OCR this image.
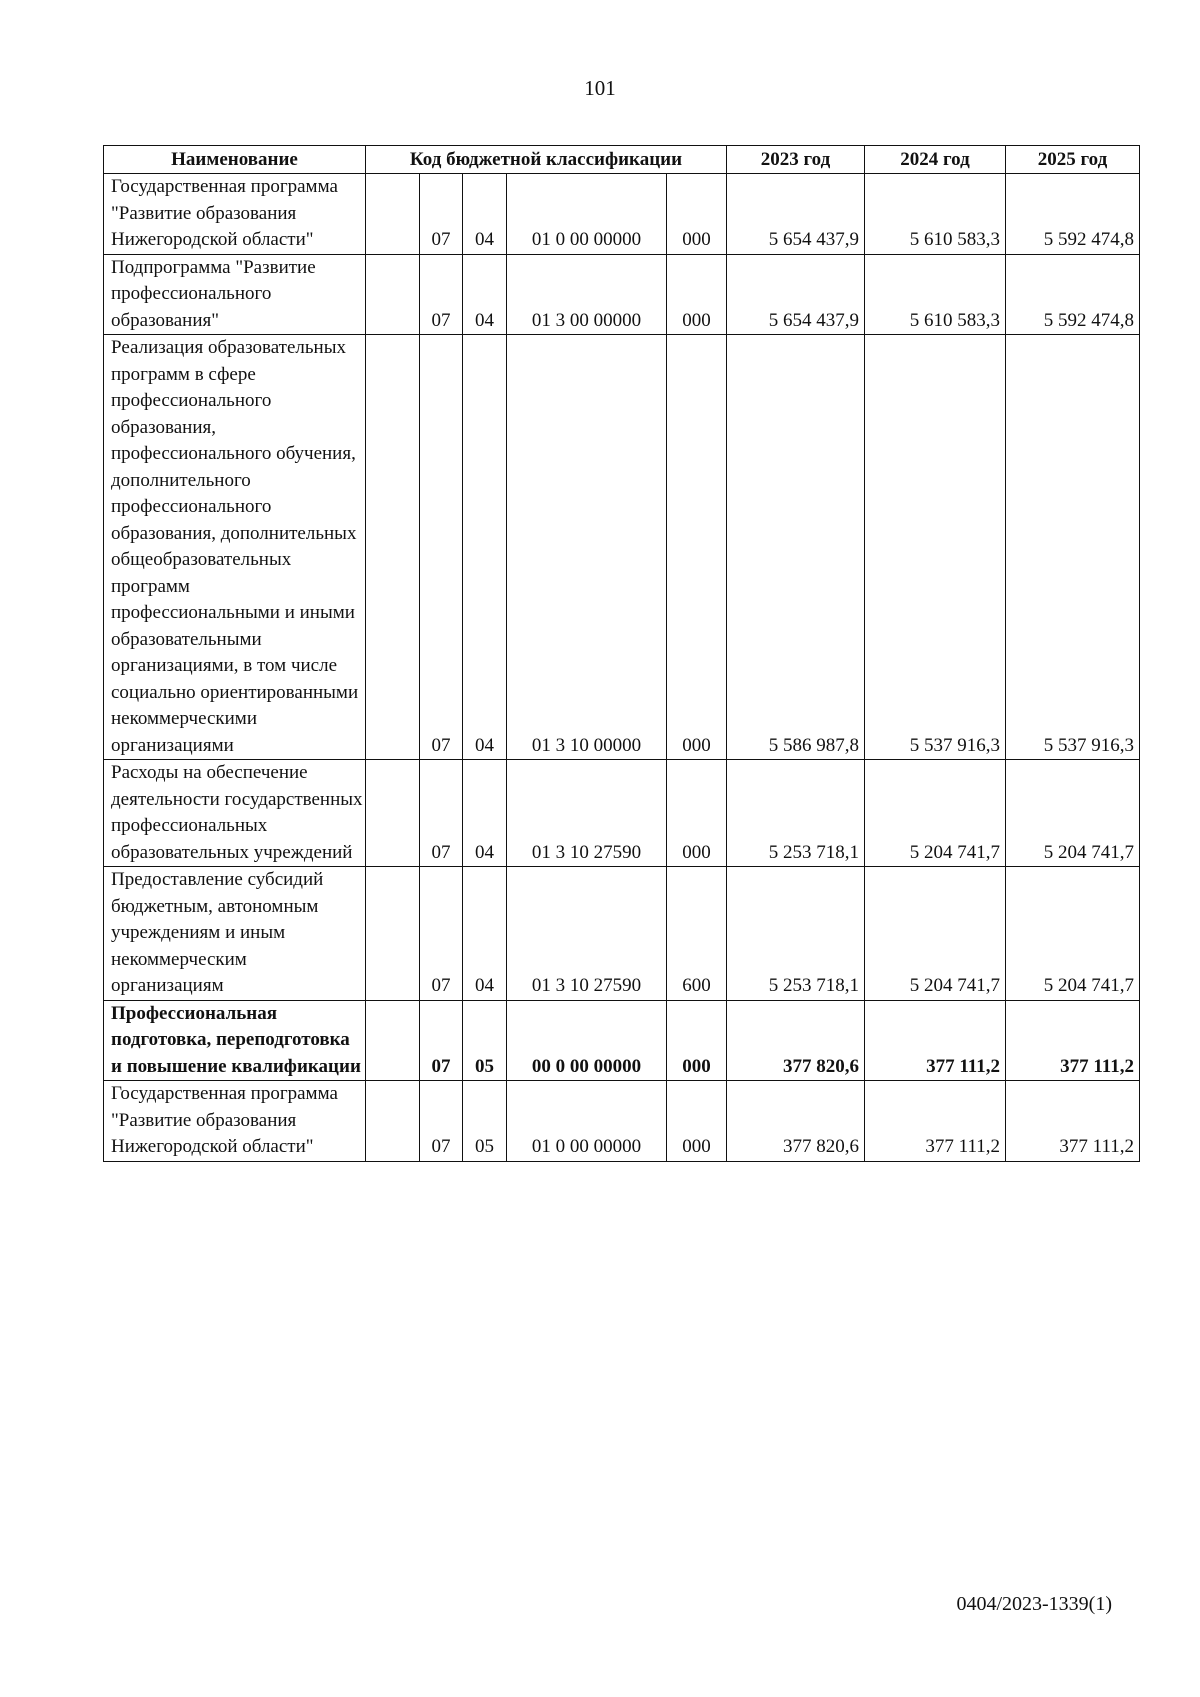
101
Наименование	Код бюджетной классификации					2023 год	2024 год	2025 год
Государственная программа "Развитие образования Нижегородской области"		07	04	01 0 00 00000	000	5 654 437,9	5 610 583,3	5 592 474,8
Подпрограмма "Развитие профессионального образования"		07	04	01 3 00 00000	000	5 654 437,9	5 610 583,3	5 592 474,8
Реализация образовательных программ в сфере профессионального образования, профессионального обучения, дополнительного профессионального образования, дополнительных общеобразовательных программ профессиональными и иными образовательными организациями, в том числе социально ориентированными некоммерческими организациями		07	04	01 3 10 00000	000	5 586 987,8	5 537 916,3	5 537 916,3
Расходы на обеспечение деятельности государственных профессиональных образовательных учреждений		07	04	01 3 10 27590	000	5 253 718,1	5 204 741,7	5 204 741,7
Предоставление субсидий бюджетным, автономным учреждениям и иным некоммерческим организациям		07	04	01 3 10 27590	600	5 253 718,1	5 204 741,7	5 204 741,7
Профессиональная подготовка, переподготовка и повышение квалификации		07	05	00 0 00 00000	000	377 820,6	377 111,2	377 111,2
Государственная программа "Развитие образования Нижегородской области"		07	05	01 0 00 00000	000	377 820,6	377 111,2	377 111,2
0404/2023-1339(1)
